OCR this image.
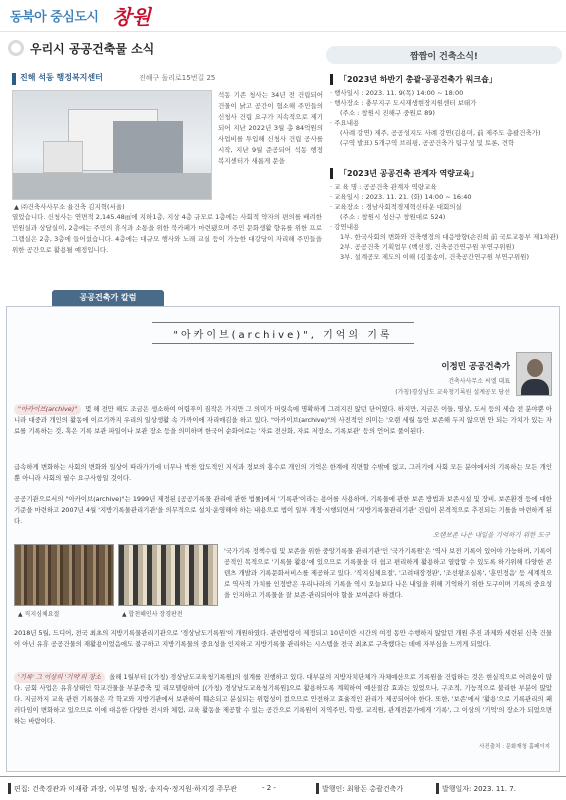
동북아 중심도시 창원
우리시 공공건축물 소식
진해 석동 행정복지센터	진해구 돌리로15번길 25
▲ ㈜건축사사무소 율건축 김지혁(서울)
석동 기존 청사는 34년 전 건립되어 건물이 낡고 공간이 협소해 주민들의 신청사 건립 요구가 지속적으로 제기되어 지난 2022년 3월 총 84억원의 사업비를 투입해 신청사 건립 공사를 시작, 지난 9월 준공되어 석동 행정 복지센터가 새롭게 문을
열었습니다. 신청사는 연면적 2,145.48㎡에 지하1층, 지상 4층 규모로 1층에는 사회적 약자의 편의를 배려한 민원실과 상담실이, 2층에는 주민의 휴식과 소통을 위한 북카페가 마련됐으며 주민 문화생활 향유를 위한 프로그램실은 2층, 3층에 들어섰습니다. 4층에는 대규모 행사와 노래 교실 등이 가능한 대강당이 자리해 주민들을 위한 공간으로 활용될 예정입니다.
짬짬이 건축소식!
「2023년 하반기 총괄·공공건축가 워크숍」
· 행사일시 : 2023. 11. 9(목) 14:00 ~ 18:00
· 행사장소 : 충무지구 도시재생현장지원센터 보태가
(주소 : 창원시 진해구 중원로 89)
· 주요내용
(사례 강연) 제주, 공공성지도 사례 강연(김용미, 前 제주도 총괄건축가)
(구역 발표) 5개구역 브리핑, 공공건축가 팀구성 및 토론, 견학
「2023년 공공건축 관계자 역량교육」
· 교 육 명 : 공공건축 관계자 역량교육
· 교육일시 : 2023. 11. 21. (화) 14:00 ~ 16:40
· 교육장소 : 경남사회적경제혁신타운 대회의실
(주소 : 창원시 성산구 창원대로 524)
· 강연내용
1부. 한국사회의 변화와 건축행정의 대응방향(손진희 前 국토교통부 제1차관)
2부. 공공건축 기획업무 (백선경, 건축공간연구원 부연구위원)
3부. 설계공모 제도의 이해 (김꽃송이, 건축공간연구원 부연구위원)
공공건축가 칼럼
"아카이브(archive)", 기억의 기록
이정민 공공건축가
건축사사무소 씨엘 대표
(가칭)경상남도 교육청기록원 설계공모 당선
"아카이브(archive)" 몇 해 전만 해도 조금은 생소하여 어렵푸이 짐작은 가지만 그 의미가 머릿속에 명확하게 그려지진 않던 단어였다. 하지만, 지금은 이들, 영상, 도서 등의 세습 전 분야뿐 아니라 대중과 개인의 활동에 이르기까지 우리의 일상생활 속 가까이에 자리매김을 하고 있다. "아카이브(archive)"의 사전적인 의미는 '오랜 세월 동안 보존해 두지 않으면 안 되는 가치가 있는 자료를 기록하는 것, 혹은 기록 보관 파일이나 보관 장소 등을 의미하며 한국어 순화어로는 '자료 전산화, 자료 저장소, 기록보관' 등의 언어로 풀이된다.
급속하게 변화하는 사회의 변화와 일상이 따라가기에 너무나 박찬 압도적인 지식과 정보의 홍수로 개인의 기억은 한계에 직면할 수밖에 없고, 그러기에 사회 모든 분야에서의 기록하는 모든 개인뿐 아니라 사회의 필수 요구사항일 것이다.
공공기관으로서의 "아카이브(archive)"는 1999년 제정된 [공공기록물 관리에 관한 법률]에서 '기록관'이라는 용어를 사용하며, 기록물에 관한 보존 방법과 보존시설 및 장비, 보존환경 등에 대한 기준을 마련하고 2007년 4월 '지방기록물관리기관'을 의무적으로 설치·운영해야 하는 내용으로 법이 일부 개정·시행되면서 '지방기록물관리기관' 건립이 본격적으로 추진되는 기틀을 마련하게 된다.
오랜보존 나은 내일을 기억하기 위한 도구
▲ 직지심체요절	▲ 합천해인사 장경판전
'국가기록 정책수립 및 보존을 위한 중앙기록물 관리기관'인 '국가기록원'은 '역사 보전 기록이 있어야 가능하며, 기록이 공적인 목적으로 '기록물 활용'에 있으므로 기록물을 더 쉽고 편리하게 활용하고 열람할 수 있도록 하기위해 다양한 콘텐츠 개발과 기록문화서비스를 제공하고 있다. '직지심체요절', '고려대장경판', '조선왕조실록', '훈민정음' 등 세계적으로 역사적 가치를 인정받은 우리나라의 기록을 역시 오늘보다 나은 내일을 위해 기억하기 위한 도구이며 기록의 중요성을 인지하고 기록물을 잘 보존·관리되어야 할을 보여준다 하겠다.
2018년 5월, 드디어, 전국 최초의 지방기록물관리기관으로 '경상남도기록원'이 개원하였다. 관련법령이 제정되고 10년이란 시간의 여정 동안 수행하지 않았던 개원 추진 과제와 세련된 신축 건물이 아닌 유휴 공공건물의 재활용이었음에도 불구하고 지방기록물의 중요성을 인지하고 지방기록물 관리하는 시스템을 전국 최초로 구축했다는 데에 자부심을 느끼게 되었다.
'기록' 그 이상의 '기억'의 장소 올해 1월부터 [(가칭) 경상남도교육청기록원]의 설계를 진행하고 있다. 대부분의 지방자치단체가 자체예산으로 기록원을 건립하는 것은 현실적으로 어려움이 많다. 금회 사업은 유휴상태인 학교건물을 부분증축 및 리모델링하여 [(가칭) 경상남도교육청기록원]으로 활용하도록 계획하여 예산절감 효과는 있었으나, 구조적, 기능적으로 불리한 부분이 많았다. 지금까지 교육 관련 기록물은 각 학교와 지방기관에서 보관하여 훼손되고 분실되는 위험성이 컸으므로 안전하고 효율적인 관리가 제공되어야 한다. 또한, '보존'에서 '활용'으로 기록관리의 패러다임이 변화하고 있으므로 이에 대응한 다양한 전시와 체험, 교육 활동을 제공할 수 있는 공간으로 기록원이 지역주민, 학생, 교직원, 관계전문가에게 '기록', 그 이상의 '기억'의 장소가 되었으면 하는 바람이다.
사진출처 : 문화재청 홈페이지
편집: 건축경관과 이재광 과장, 이부영 팀장, 송지숙·정지원·하지경 주무관	- 2 -	발행인: 최왕돈 총괄건축가	발행일자: 2023. 11. 7.
